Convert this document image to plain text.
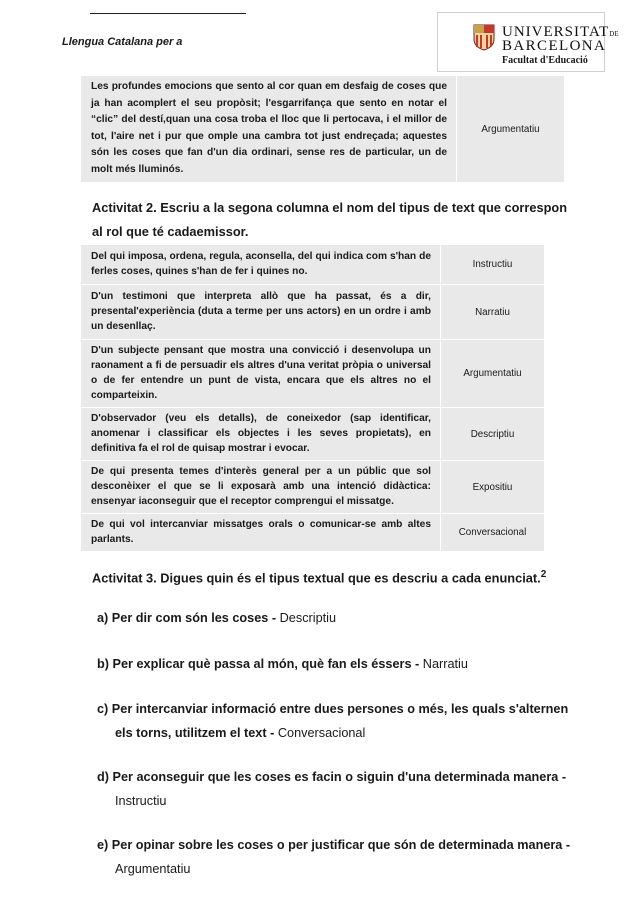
Llengua Catalana per a
UNIVERSITATDE
BARCELONA
Facultat d'Educació
Les profundes emocions que sento al cor quan em desfaig de coses que ja han acomplert el seu propòsit; l'esgarrifança que sento en notar el “clic” del destí,quan una cosa troba el lloc que li pertocava, i el millor de tot, l'aire net i pur que omple una cambra tot just endreçada; aquestes són les coses que fan d'un dia ordinari, sense res de particular, un de molt més lluminós.	Argumentatiu
Activitat 2. Escriu a la segona columna el nom del tipus de text que correspon
al rol que té cadaemissor.
Del qui imposa, ordena, regula, aconsella, del qui indica com s'han de ferles coses, quines s'han de fer i quines no.	Instructiu
D'un testimoni que interpreta allò que ha passat, és a dir, presental'experiència (duta a terme per uns actors) en un ordre i amb un desenllaç.	Narratiu
D'un subjecte pensant que mostra una convicció i desenvolupa un raonament a fi de persuadir els altres d'una veritat pròpia o universal o de fer entendre un punt de vista, encara que els altres no el comparteixin.	Argumentatiu
D'observador (veu els detalls), de coneixedor (sap identificar, anomenar i classificar els objectes i les seves propietats), en definitiva fa el rol de quisap mostrar i evocar.	Descriptiu
De qui presenta temes d'interès general per a un públic que sol desconèixer el que se li exposarà amb una intenció didàctica: ensenyar iaconseguir que el receptor comprengui el missatge.	Expositiu
De qui vol intercanviar missatges orals o comunicar-se amb altes parlants.	Conversacional
Activitat 3. Digues quin és el tipus textual que es descriu a cada enunciat.$^2$
a) Per dir com són les coses - Descriptiu
b) Per explicar què passa al món, què fan els éssers - Narratiu
c) Per intercanviar informació entre dues persones o més, les quals s'alternen
els torns, utilitzem el text - Conversacional
d) Per aconseguir que les coses es facin o siguin d'una determinada manera -
Instructiu
e) Per opinar sobre les coses o per justificar que són de determinada manera -
Argumentatiu
